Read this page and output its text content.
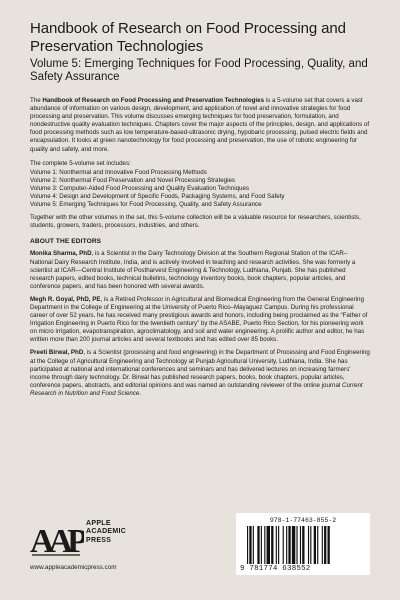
Handbook of Research on Food Processing and Preservation Technologies

Volume 5: Emerging Techniques for Food Processing, Quality, and Safety Assurance

The Handbook of Research on Food Processing and Preservation Technologies is a 5-volume set that covers a vast abundance of information on various design, development, and application of novel and innovative strategies for food processing and preservation. This volume discusses emerging techniques for food preservation, formulation, and nondestructive quality evaluation techniques. Chapters cover the major aspects of the principles, design, and applications of food processing methods such as low temperature-based-ultrasonic drying, hypobaric processing, pulsed electric fields and encapsulation. It looks at green nanotechnology for food processing and preservation, the use of robotic engineering for quality and safety, and more.

The complete 5-volume set includes:

Volume 1: Nonthermal and Innovative Food Processing Methods
Volume 2: Nonthermal Food Preservation and Novel Processing Strategies
Volume 3: Computer-Aided Food Processing and Quality Evaluation Techniques
Volume 4: Design and Development of Specific Foods, Packaging Systems, and Food Safety
Volume 5: Emerging Techniques for Food Processing, Quality, and Safety Assurance

Together with the other volumes in the set, this 5-volume collection will be a valuable resource for researchers, scientists, students, growers, traders, processors, industries, and others.

ABOUT THE EDITORS

Monika Sharma, PhD, is a Scientist in the Dairy Technology Division at the Southern Regional Station of the ICAR–National Dairy Research Institute, India, and is actively involved in teaching and research activities. She was formerly a scientist at ICAR—Central Institute of Postharvest Engineering & Technology, Ludhiana, Punjab. She has published research papers, edited books, technical bulletins, technology inventory books, book chapters, popular articles, and conference papers, and has been honored with several awards.

Megh R. Goyal, PhD, PE, is a Retired Professor in Agricultural and Biomedical Engineering from the General Engineering Department in the College of Engineering at the University of Puerto Rico–Mayaguez Campus. During his professional career of over 52 years, he has received many prestigious awards and honors, including being proclaimed as the “Father of Irrigation Engineering in Puerto Rico for the twentieth century” by the ASABE, Puerto Rico Section, for his pioneering work on micro irrigation, evapotranspiration, agroclimatology, and soil and water engineering. A prolific author and editor, he has written more than 200 journal articles and several textbooks and has edited over 85 books.

Preeti Birwal, PhD, is a Scientist (processing and food engineering) in the Department of Processing and Food Engineering at the College of Agricultural Engineering and Technology at Punjab Agricultural University, Ludhiana, India. She has participated at national and international conferences and seminars and has delivered lectures on increasing farmers' income through dairy technology. Dr. Birwal has published research papers, books, book chapters, popular articles, conference papers, abstracts, and editorial opinions and was named an outstanding reviewer of the online journal Current Research in Nutrition and Food Science.

AAP APPLE
ACADEMIC
PRESS
www.appleacademicpress.com
978-1-77463-855-2
9 781774 638552
